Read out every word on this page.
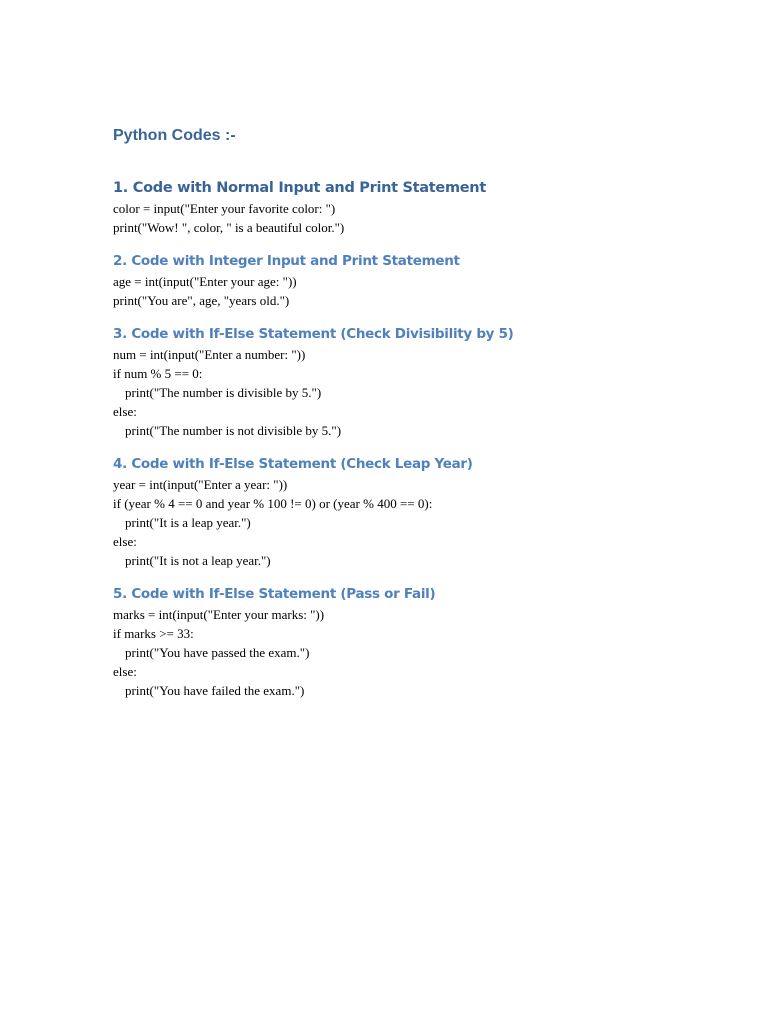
Python Codes :-
1. Code with Normal Input and Print Statement
color = input("Enter your favorite color: ")
print("Wow! ", color, " is a beautiful color.")
2. Code with Integer Input and Print Statement
age = int(input("Enter your age: "))
print("You are", age, "years old.")
3. Code with If-Else Statement (Check Divisibility by 5)
num = int(input("Enter a number: "))
if num % 5 == 0:
print("The number is divisible by 5.")
else:
print("The number is not divisible by 5.")
4. Code with If-Else Statement (Check Leap Year)
year = int(input("Enter a year: "))
if (year % 4 == 0 and year % 100 != 0) or (year % 400 == 0):
print("It is a leap year.")
else:
print("It is not a leap year.")
5. Code with If-Else Statement (Pass or Fail)
marks = int(input("Enter your marks: "))
if marks >= 33:
print("You have passed the exam.")
else:
print("You have failed the exam.")
